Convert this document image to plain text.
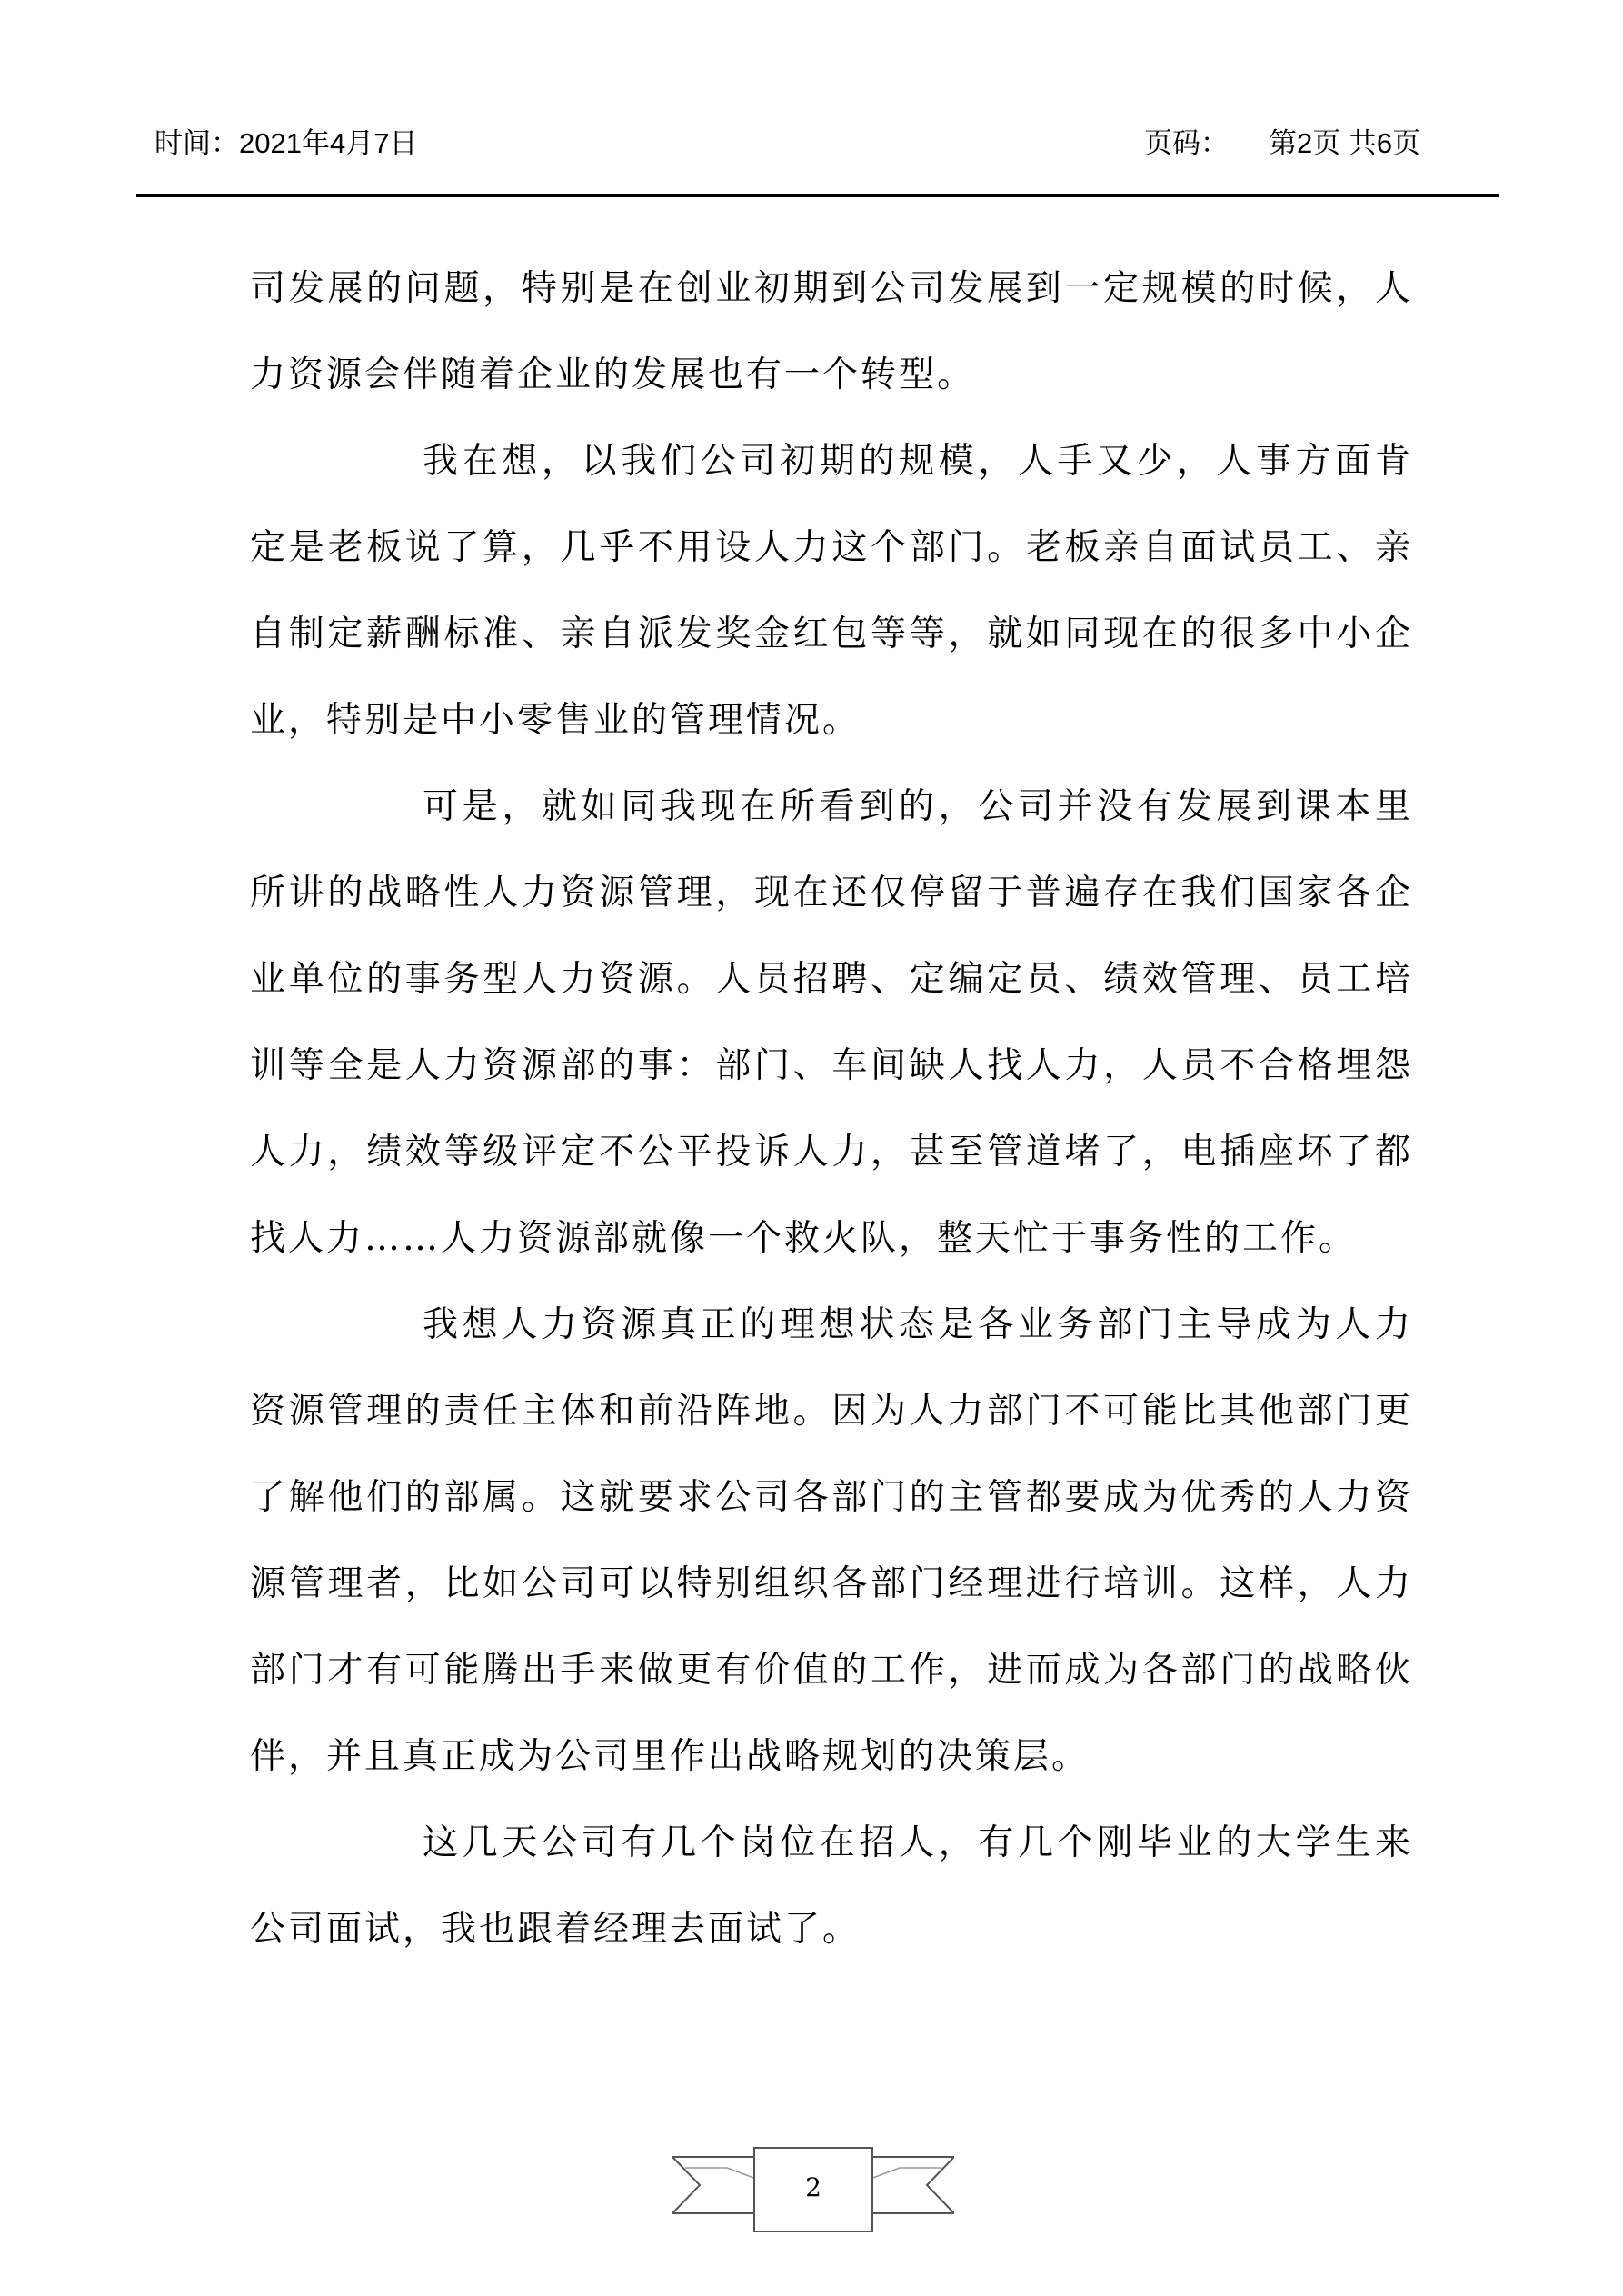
时间：2021年4月7日	页码： 第2页 共6页

司发展的问题，特别是在创业初期到公司发展到一定规模的时候，人力资源会伴随着企业的发展也有一个转型。

我在想，以我们公司初期的规模，人手又少，人事方面肯定是老板说了算，几乎不用设人力这个部门。老板亲自面试员工、亲自制定薪酬标准、亲自派发奖金红包等等，就如同现在的很多中小企业，特别是中小零售业的管理情况。

可是，就如同我现在所看到的，公司并没有发展到课本里所讲的战略性人力资源管理，现在还仅停留于普遍存在我们国家各企业单位的事务型人力资源。人员招聘、定编定员、绩效管理、员工培训等全是人力资源部的事：部门、车间缺人找人力，人员不合格埋怨人力，绩效等级评定不公平投诉人力，甚至管道堵了，电插座坏了都找人力……人力资源部就像一个救火队，整天忙于事务性的工作。

我想人力资源真正的理想状态是各业务部门主导成为人力资源管理的责任主体和前沿阵地。因为人力部门不可能比其他部门更了解他们的部属。这就要求公司各部门的主管都要成为优秀的人力资源管理者，比如公司可以特别组织各部门经理进行培训。这样，人力部门才有可能腾出手来做更有价值的工作，进而成为各部门的战略伙伴，并且真正成为公司里作出战略规划的决策层。

这几天公司有几个岗位在招人，有几个刚毕业的大学生来公司面试，我也跟着经理去面试了。

2
